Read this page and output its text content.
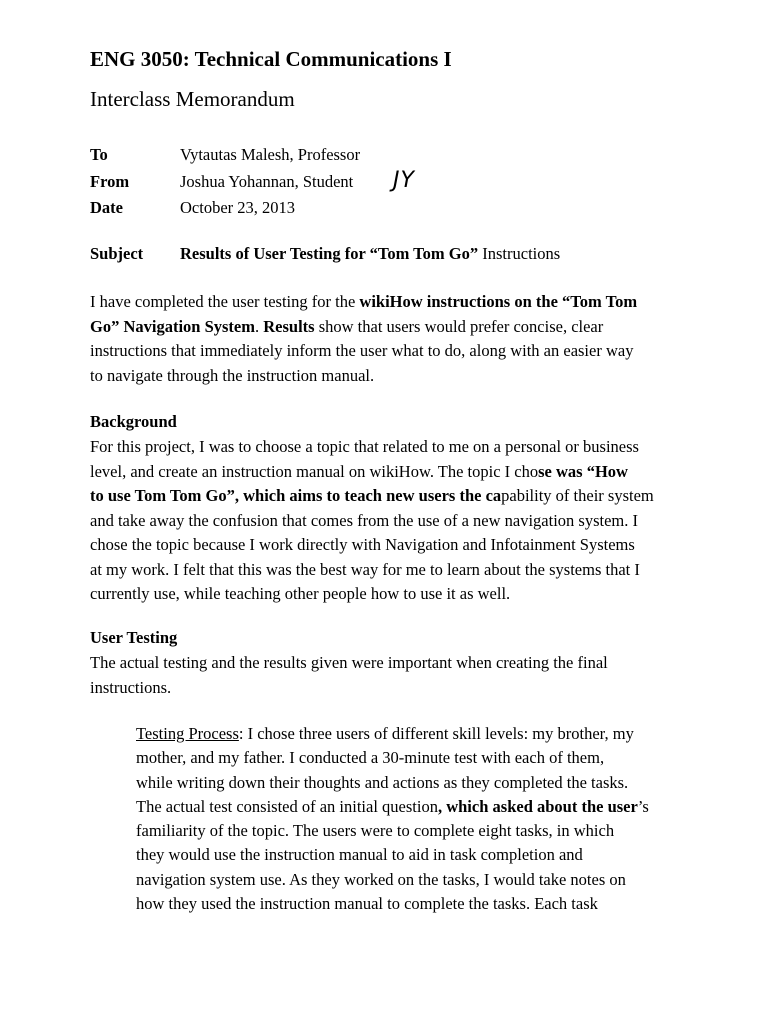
ENG 3050: Technical Communications I
Interclass Memorandum
To	Vytautas Malesh, Professor
From	Joshua Yohannan, Student JY
Date	October 23, 2013
Subject Results of User Testing for “Tom Tom Go” Instructions
I have completed the user testing for the wikiHow instructions on the “Tom Tom
Go” Navigation System. Results show that users would prefer concise, clear
instructions that immediately inform the user what to do, along with an easier way
to navigate through the instruction manual.
Background
For this project, I was to choose a topic that related to me on a personal or business
level, and create an instruction manual on wikiHow. The topic I chose was “How
to use Tom Tom Go”, which aims to teach new users the capability of their system
and take away the confusion that comes from the use of a new navigation system. I
chose the topic because I work directly with Navigation and Infotainment Systems
at my work. I felt that this was the best way for me to learn about the systems that I
currently use, while teaching other people how to use it as well.
User Testing
The actual testing and the results given were important when creating the final
instructions.
Testing Process: I chose three users of different skill levels: my brother, my
mother, and my father. I conducted a 30-minute test with each of them,
while writing down their thoughts and actions as they completed the tasks.
The actual test consisted of an initial question, which asked about the user’s
familiarity of the topic. The users were to complete eight tasks, in which
they would use the instruction manual to aid in task completion and
navigation system use. As they worked on the tasks, I would take notes on
how they used the instruction manual to complete the tasks. Each task
